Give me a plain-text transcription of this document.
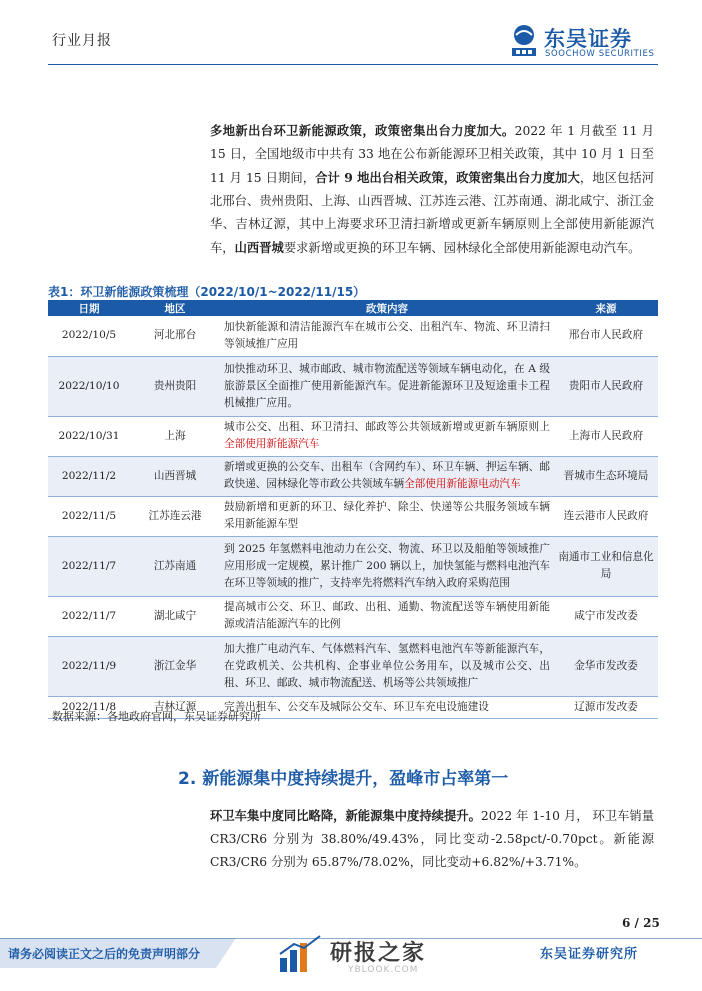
行业月报	东吴证券
SOOCHOW SECURITIES
多地新出台环卫新能源政策，政策密集出台力度加大。2022 年 1 月截至 11 月 15 日，全国地级市中共有 33 地在公布新能源环卫相关政策，其中 10 月 1 日至 11 月 15 日期间，合计 9 地出台相关政策，政策密集出台力度加大，地区包括河北邢台、贵州贵阳、上海、山西晋城、江苏连云港、江苏南通、湖北咸宁、浙江金华、吉林辽源，其中上海要求环卫清扫新增或更新车辆原则上全部使用新能源汽车，山西晋城要求新增或更换的环卫车辆、园林绿化全部使用新能源电动汽车。
表1：环卫新能源政策梳理（2022/10/1~2022/11/15）
日期	地区	政策内容	来源
2022/10/5	河北邢台	加快新能源和清洁能源汽车在城市公交、出租汽车、物流、环卫清扫等领域推广应用	邢台市人民政府
2022/10/10	贵州贵阳	加快推动环卫、城市邮政、城市物流配送等领域车辆电动化，在 A 级旅游景区全面推广使用新能源汽车。促进新能源环卫及短途重卡工程机械推广应用。	贵阳市人民政府
2022/10/31	上海	城市公交、出租、环卫清扫、邮政等公共领域新增或更新车辆原则上全部使用新能源汽车	上海市人民政府
2022/11/2	山西晋城	新增或更换的公交车、出租车（含网约车）、环卫车辆、押运车辆、邮政快递、园林绿化等市政公共领域车辆全部使用新能源电动汽车	晋城市生态环境局
2022/11/5	江苏连云港	鼓励新增和更新的环卫、绿化养护、除尘、快递等公共服务领域车辆采用新能源车型	连云港市人民政府
2022/11/7	江苏南通	到 2025 年氢燃料电池动力在公交、物流、环卫以及船舶等领域推广应用形成一定规模，累计推广 200 辆以上，加快氢能与燃料电池汽车在环卫等领域的推广，支持率先将燃料汽车纳入政府采购范围	南通市工业和信息化局
2022/11/7	湖北咸宁	提高城市公交、环卫、邮政、出租、通勤、物流配送等车辆使用新能源或清洁能源汽车的比例	咸宁市发改委
2022/11/9	浙江金华	加大推广电动汽车、气体燃料汽车、氢燃料电池汽车等新能源汽车，在党政机关、公共机构、企事业单位公务用车，以及城市公交、出租、环卫、邮政、城市物流配送、机场等公共领域推广	金华市发改委
2022/11/8	吉林辽源	完善出租车、公交车及城际公交车、环卫车充电设施建设	辽源市发改委
数据来源：各地政府官网，东吴证券研究所
2. 新能源集中度持续提升，盈峰市占率第一
环卫车集中度同比略降，新能源集中度持续提升。2022 年 1-10 月， 环卫车销量 CR3/CR6 分别为 38.80%/49.43%，同比变动-2.58pct/-0.70pct。新能源 CR3/CR6 分别为 65.87%/78.02%，同比变动+6.82%/+3.71%。
6 / 25
请务必阅读正文之后的免责声明部分	东吴证券研究所
研报之家
YBLOOK.COM
